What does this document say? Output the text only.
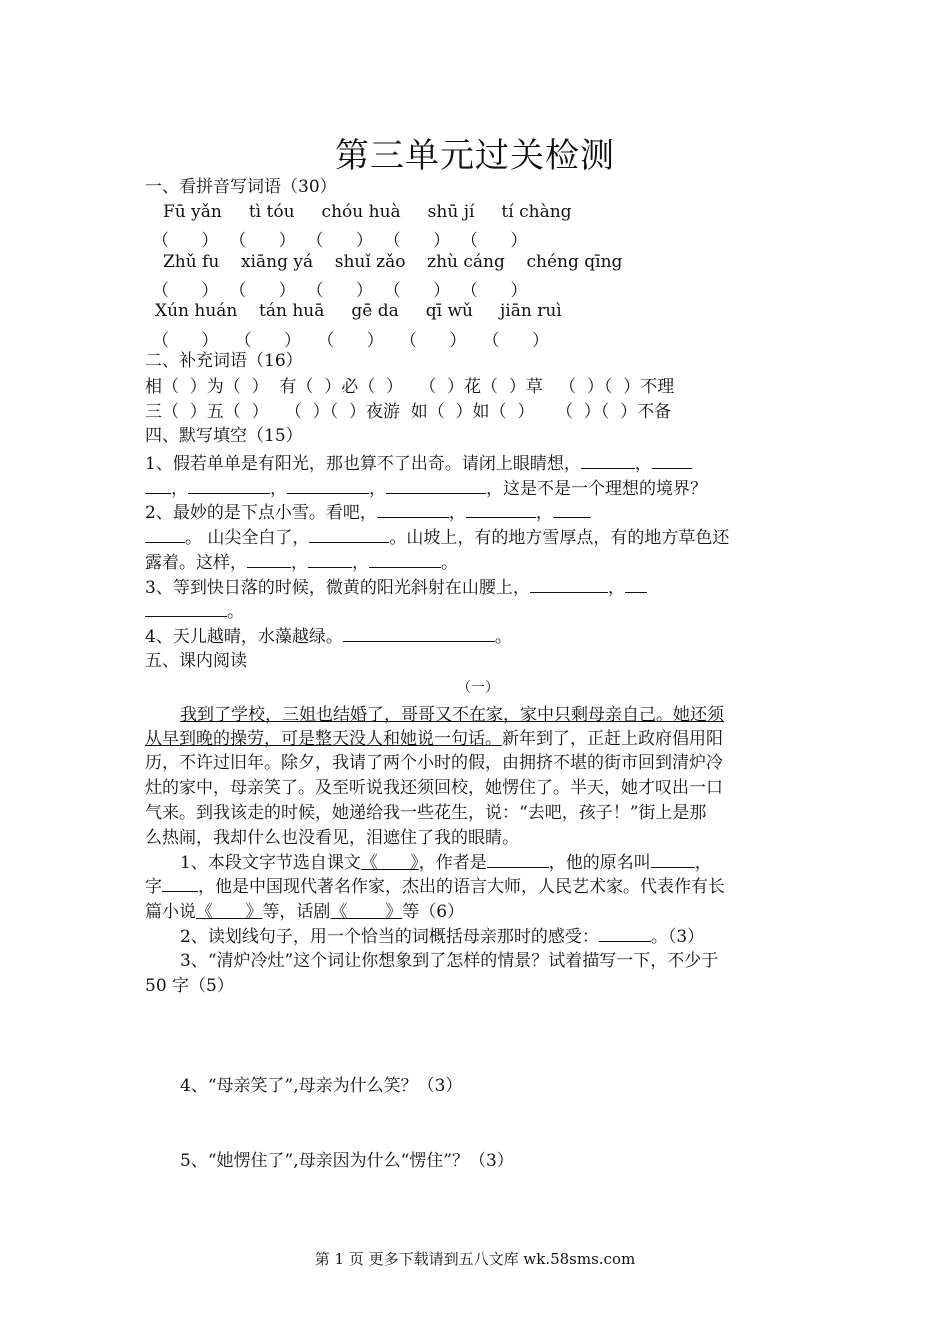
第三单元过关检测
一、看拼音写词语（30）
Fū yǎn     tì tóu     chóu huà     shū jí     tí chàng
（      ）  （      ）  （      ）  （      ）  （      ）
Zhǔ fu    xiāng yá    shuǐ zǎo    zhù cáng    chéng qīng
（      ）  （      ）  （      ）  （      ）  （      ）
Xún huán    tán huā     gē da     qī wǔ     jiān ruì
（      ）   （      ）   （      ）   （      ）   （      ）
二、补充词语（16）
相（  ）为（  ）  有（  ）必（  ）   （  ）花（  ）草   （  ）（  ）不理
三（  ）五（  ）   （  ）（  ）夜游  如（  ）如（  ）    （  ）（  ）不备
四、默写填空（15）
1、假若单单是有阳光，那也算不了出奇。请闭上眼睛想，	，
，	，	，	，这是不是一个理想的境界？
2、最妙的是下点小雪。看吧，	，	，
。 山尖全白了，	。山坡上，有的地方雪厚点，有的地方草色还
露着。这样，	，	，	。
3、等到快日落的时候，微黄的阳光斜射在山腰上，	，
。
4、天儿越晴，水藻越绿。	。
五、课内阅读
（一）
我到了学校，三姐也结婚了，哥哥又不在家，家中只剩母亲自己。她还须
从早到晚的操劳，可是整天没人和她说一句话。新年到了，正赶上政府倡用阳
历，不许过旧年。除夕，我请了两个小时的假，由拥挤不堪的街市回到清炉冷
灶的家中，母亲笑了。及至听说我还须回校，她愣住了。半天，她才叹出一口
气来。到我该走的时候，她递给我一些花生，说：“去吧，孩子！”街上是那
么热闹，我却什么也没看见，泪遮住了我的眼睛。
1、本段文字节选自课文《 》，作者是	，他的原名叫	，
字 ，他是中国现代著名作家，杰出的语言大师，人民艺术家。代表作有长
篇小说《 》等，话剧《 》等（6）
2、读划线句子，用一个恰当的词概括母亲那时的感受：	。（3）
3、“清炉冷灶”这个词让你想象到了怎样的情景？试着描写一下，不少于
50 字（5）
4、“母亲笑了”,母亲为什么笑？（3）
5、“她愣住了”,母亲因为什么“愣住”？（3）
第 1 页 更多下载请到五八文库 wk.58sms.com
